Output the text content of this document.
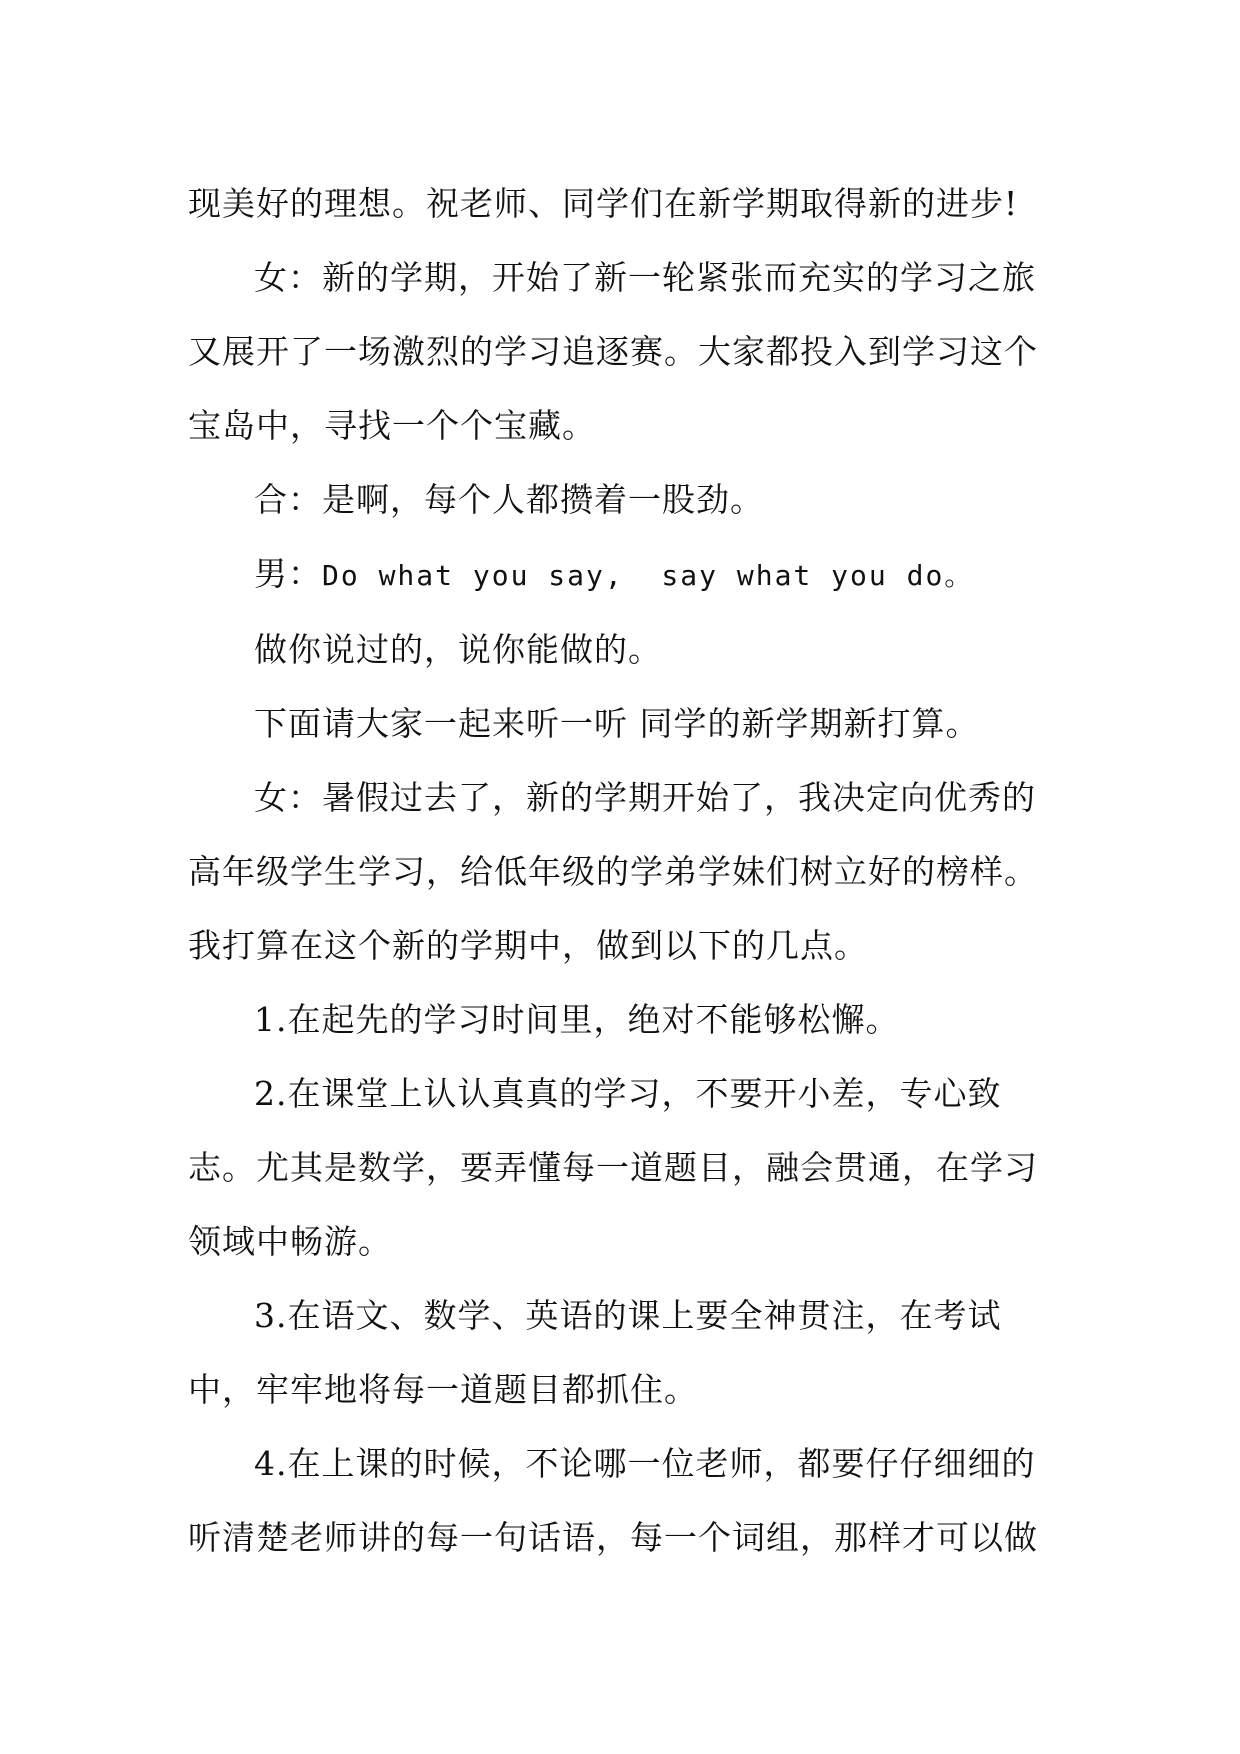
现美好的理想。祝老师、同学们在新学期取得新的进步!

女：新的学期，开始了新一轮紧张而充实的学习之旅又展开了一场激烈的学习追逐赛。大家都投入到学习这个宝岛中，寻找一个个宝藏。

合：是啊，每个人都攒着一股劲。

男：Do what you say,  say what you do。

做你说过的，说你能做的。

下面请大家一起来听一听 同学的新学期新打算。

女：暑假过去了，新的学期开始了，我决定向优秀的高年级学生学习，给低年级的学弟学妹们树立好的榜样。我打算在这个新的学期中，做到以下的几点。

1.在起先的学习时间里，绝对不能够松懈。

2.在课堂上认认真真的学习，不要开小差，专心致志。尤其是数学，要弄懂每一道题目，融会贯通，在学习领域中畅游。

3.在语文、数学、英语的课上要全神贯注，在考试中，牢牢地将每一道题目都抓住。

4.在上课的时候，不论哪一位老师，都要仔仔细细的听清楚老师讲的每一句话语，每一个词组，那样才可以做
